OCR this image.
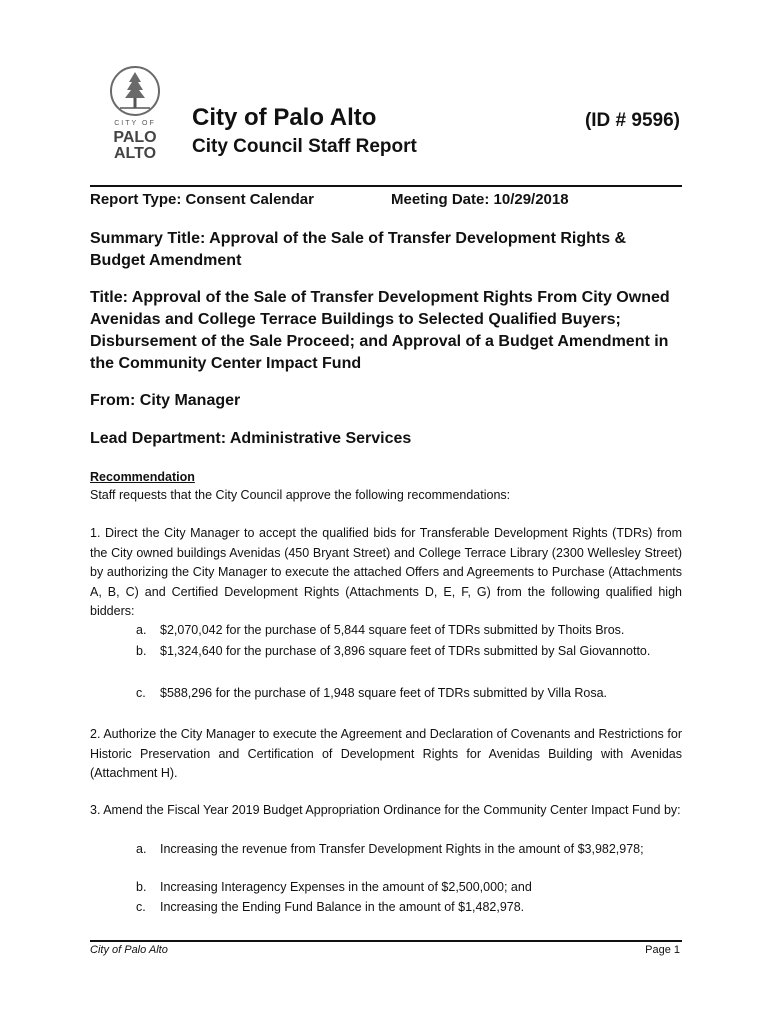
CITY OF
PALO
ALTO
City of Palo Alto	(ID # 9596)
City Council Staff Report
Report Type: Consent Calendar	Meeting Date: 10/29/2018
Summary Title: Approval of the Sale of Transfer Development Rights & Budget Amendment
Title: Approval of the Sale of Transfer Development Rights From City Owned Avenidas and College Terrace Buildings to Selected Qualified Buyers; Disbursement of the Sale Proceed; and Approval of a Budget Amendment in the Community Center Impact Fund
From: City Manager
Lead Department: Administrative Services
Recommendation
Staff requests that the City Council approve the following recommendations:
1. Direct the City Manager to accept the qualified bids for Transferable Development Rights (TDRs) from the City owned buildings Avenidas (450 Bryant Street) and College Terrace Library (2300 Wellesley Street) by authorizing the City Manager to execute the attached Offers and Agreements to Purchase (Attachments A, B, C) and Certified Development Rights (Attachments D, E, F, G) from the following qualified high bidders:
a. $2,070,042 for the purchase of 5,844 square feet of TDRs submitted by Thoits Bros.
b. $1,324,640 for the purchase of 3,896 square feet of TDRs submitted by Sal Giovannotto.
c. $588,296 for the purchase of 1,948 square feet of TDRs submitted by Villa Rosa.
2. Authorize the City Manager to execute the Agreement and Declaration of Covenants and Restrictions for Historic Preservation and Certification of Development Rights for Avenidas Building with Avenidas (Attachment H).
3. Amend the Fiscal Year 2019 Budget Appropriation Ordinance for the Community Center Impact Fund by:
a. Increasing the revenue from Transfer Development Rights in the amount of $3,982,978;
b. Increasing Interagency Expenses in the amount of $2,500,000; and
c. Increasing the Ending Fund Balance in the amount of $1,482,978.
City of Palo Alto	Page 1
